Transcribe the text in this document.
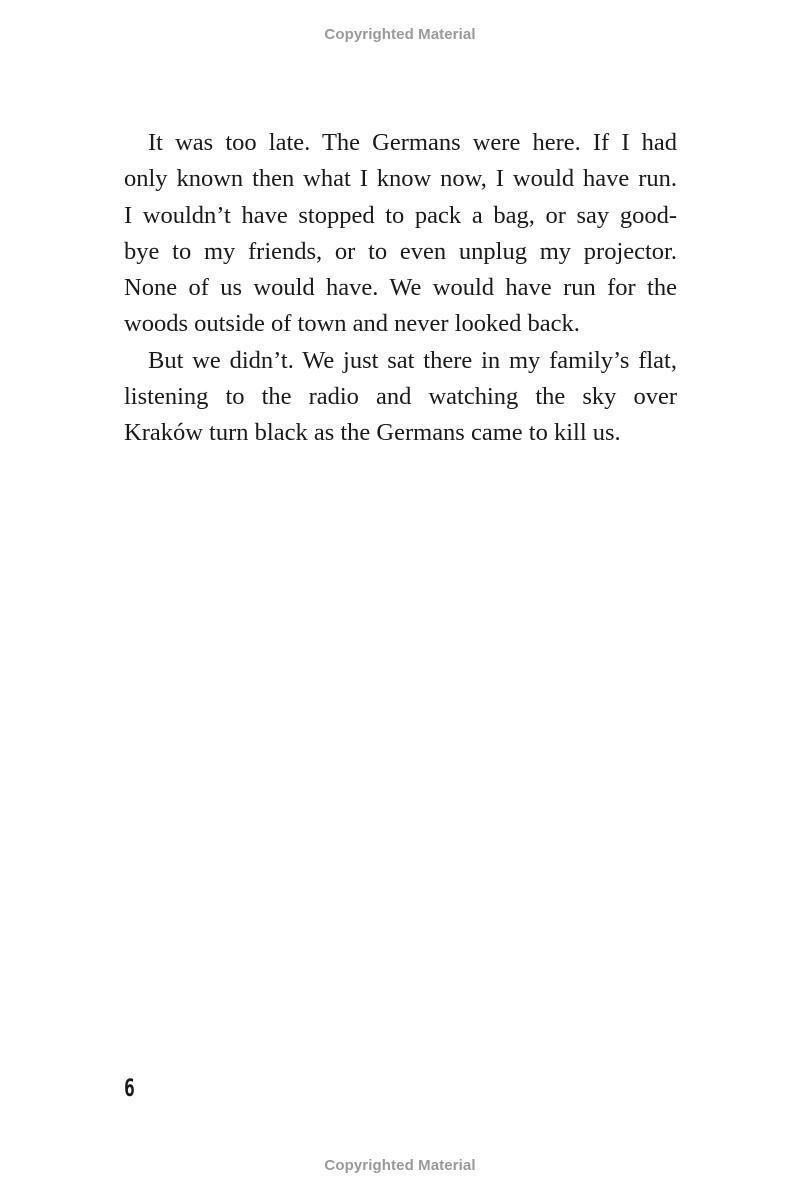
Copyrighted Material

It was too late. The Germans were here. If I had
only known then what I know now, I would have run.
I wouldn’t have stopped to pack a bag, or say good-
bye to my friends, or to even unplug my projector.
None of us would have. We would have run for the
woods outside of town and never looked back.

But we didn’t. We just sat there in my family’s flat,
listening to the radio and watching the sky over
Kraków turn black as the Germans came to kill us.

6
Copyrighted Material
